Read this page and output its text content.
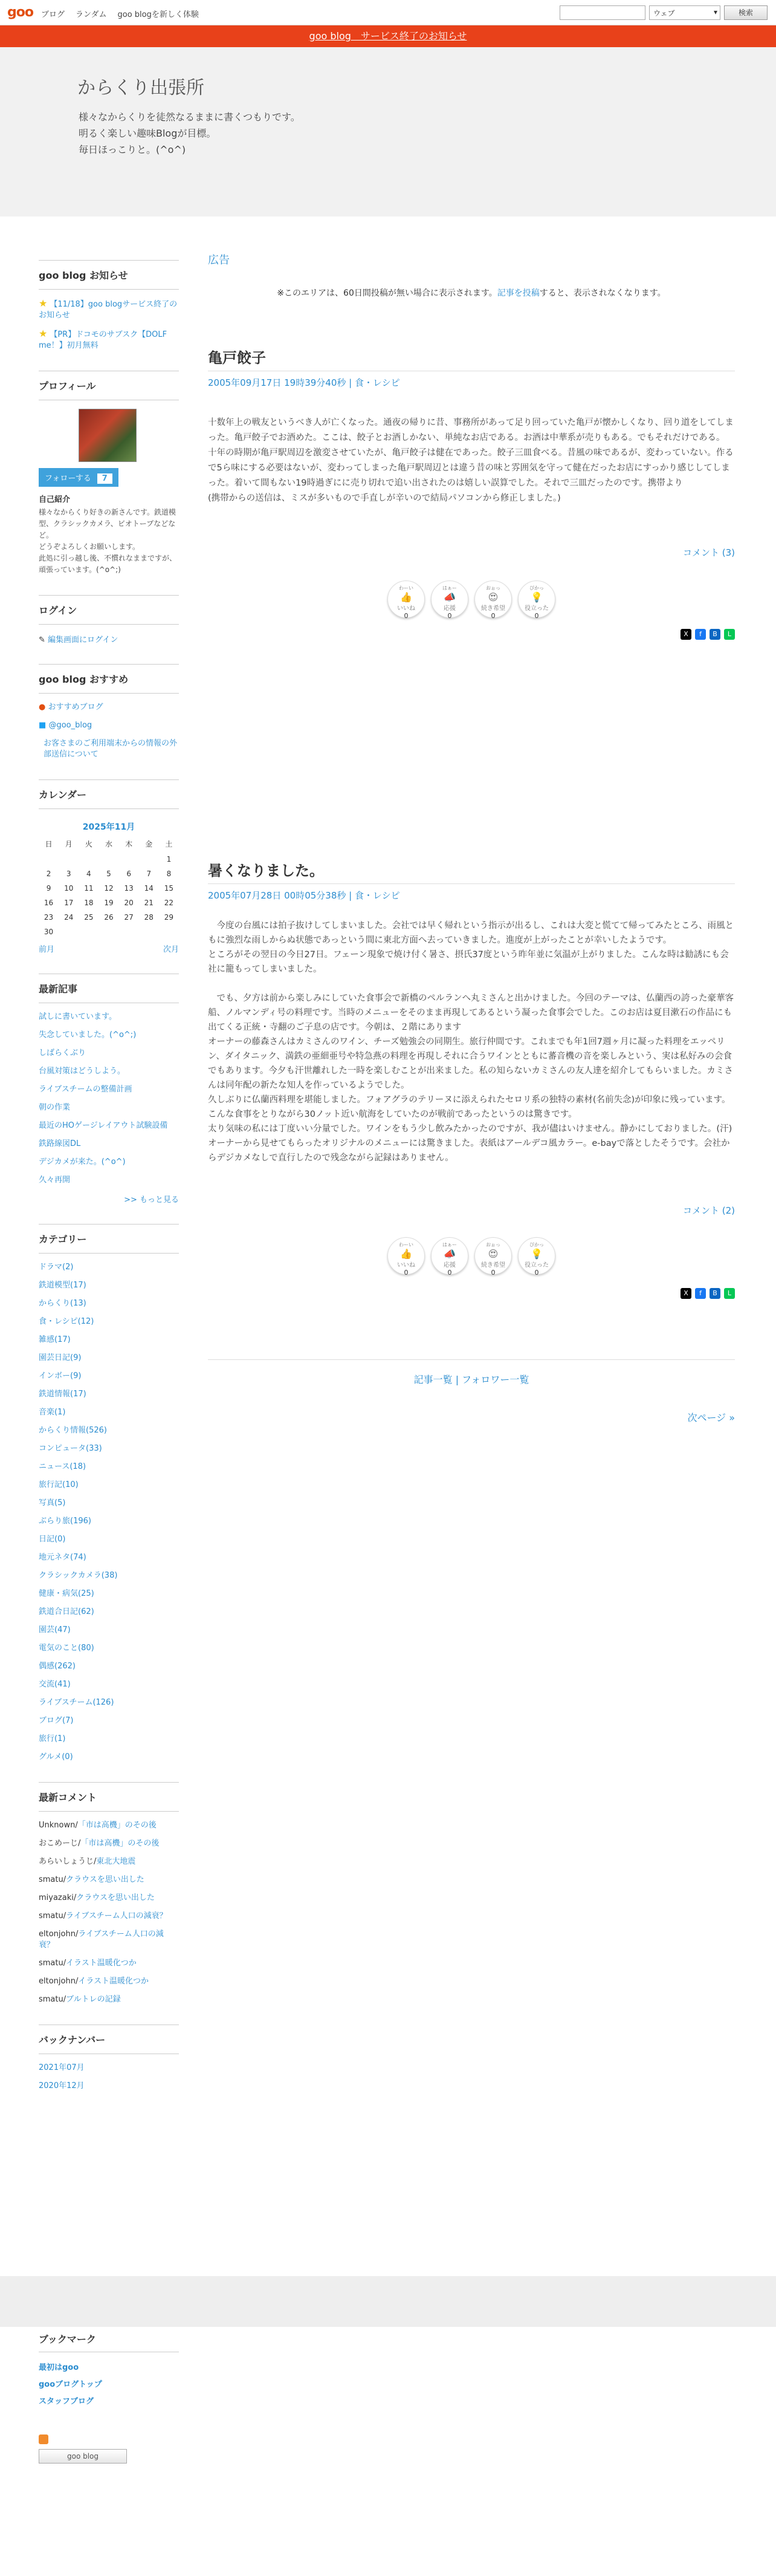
goo ブログ ランダム goo blogを新しく体験	ウェブ ▾	検索
goo blog　サービス終了のお知らせ
からくり出張所
様々なからくりを徒然なるままに書くつもりです。
明るく楽しい趣味Blogが目標。
毎日ほっこりと。(^o^)
goo blog お知らせ
★ 【11/18】goo blogサービス終了のお知らせ
★ 【PR】ドコモのサブスク【DOLF me！】初月無料
プロフィール
フォローする 7
自己紹介
様々なからくり好きの新さんです。鉄道模型、クラシックカメラ、ビオトープなどなど。
どうぞよろしくお願いします。
此処に引っ越し後、不慣れなままですが、頑張っています。(^o^;)
ログイン
✎ 編集画面にログイン
goo blog おすすめ
● おすすめブログ
■ @goo_blog
お客さまのご利用端末からの情報の外部送信について
カレンダー
2025年11月						
日	月	火	水	木	金	土
						1
2	3	4	5	6	7	8
9	10	11	12	13	14	15
16	17	18	19	20	21	22
23	24	25	26	27	28	29
30						
前月	次月
最新記事
試しに書いています。
失念していました。(^o^;)
しばらくぶり
台風対策はどうしよう。
ライブスチームの整備計画
朝の作業
最近のHOゲージレイアウト試験設備
鉄路線図DL
デジカメが来た。(^o^)
久々再開
>> もっと見る
カテゴリー
ドラマ(2)
鉄道模型(17)
からくり(13)
食・レシピ(12)
雑感(17)
園芸日記(9)
インボー(9)
鉄道情報(17)
音楽(1)
からくり情報(526)
コンピュータ(33)
ニュース(18)
旅行記(10)
写真(5)
ぶらり旅(196)
日記(0)
地元ネタ(74)
クラシックカメラ(38)
健康・病気(25)
鉄道合日記(62)
園芸(47)
電気のこと(80)
偶感(262)
交流(41)
ライブスチーム(126)
ブログ(7)
旅行(1)
グルメ(0)
最新コメント
Unknown/「市は高機」のその後
おこめーじ/「市は高機」のその後
あらいしょうじ/東北大地震
smatu/クラウスを思い出した
miyazaki/クラウスを思い出した
smatu/ライブスチーム人口の減衰？
eltonjohn/ライブスチーム人口の減衰？
smatu/イラスト温暖化つか
eltonjohn/イラスト温暖化つか
smatu/ブルトレの記録
バックナンバー
2021年07月
2020年12月
広告
※このエリアは、60日間投稿が無い場合に表示されます。記事を投稿すると、表示されなくなります。
亀戸餃子
2005年09月17日 19時39分40秒 | 食・レシピ
十数年上の戦友というべき人が亡くなった。通夜の帰りに昔、事務所があって足り回っていた亀戸が懐かしくなり、回り道をしてしまった。亀戸餃子でお酒めた。ここは、餃子とお酒しかない、単純なお店である。お酒は中華系が売りもある。でもそれだけである。
十年の時期が亀戸駅周辺を激変させていたが、亀戸餃子は健在であった。餃子三皿食べる。昔風の味であるが、変わっていない。作るで5ら味にする必要はないが、変わってしまった亀戸駅周辺とは違う昔の味と雰囲気を守って健在だったお店にすっかり感じしてしまった。着いて間もない19時過ぎにに売り切れで追い出されたのは嬉しい誤算でした。それで三皿だったのです。携帯より
(携帯からの送信は、ミスが多いもので手直しが辛いので結局パソコンから修正しました。)
コメント (3)
わーい
👍
いいね
0
はぁー
📣
応援
0
おぉっ
😍
続き希望
0
ぴかっ
💡
役立った
0
X	f	B	L
暑くなりました。
2005年07月28日 00時05分38秒 | 食・レシピ
　今度の台風には拍子抜けしてしまいました。会社では早く帰れという指示が出るし、これは大変と慌てて帰ってみたところ、雨風ともに強烈な雨しからぬ状態であっという間に東北方面へ去っていきました。進度が上がったことが幸いしたようです。
ところがその翌日の今日27日。フェーン現象で焼け付く暑さ、摂氏37度という昨年並に気温が上がりました。こんな時は勧誘にも会社に籠もってしまいました。

　でも、夕方は前から楽しみにしていた食事会で新橋のペルランへ丸ミさんと出かけました。今回のテーマは、仏蘭西の誇った豪華客船、ノルマンディ号の料理です。当時のメニューをそのまま再現してあるという凝った食事会でした。このお店は夏目漱石の作品にも出てくる正統・寺翻のご子息の店です。今朝は、２階にあります
オーナーの藤森さんはカミさんのワイン、チーズ勉強会の同期生。旅行仲間です。これまでも年1回7週ヶ月に凝った料理をエッペリン、ダイタニック、満鉄の亜細亜号や特急燕の料理を再現しそれに合うワインとともに蕃音機の音を楽しみという、実は私好みの会食でもあります。今夕も汗世離れした一時を楽しむことが出来ました。私の知らないカミさんの友人達を紹介してもらいました。カミさんは同年配の新たな知人を作っているようでした。
久しぶりに仏蘭西料理を堪能しました。フォアグラのテリーヌに添えられたセロリ系の独特の素材(名前失念)が印象に残っています。こんな食事をとりながら30ノット近い航海をしていたのが戦前であったというのは驚きです。
太り気味の私には丁度いい分量でした。ワインをもう少し飲みたかったのですが、我が儘はいけません。静かにしておりました。(汗)
オーナーから見せてもらったオリジナルのメニューには驚きました。表紙はアールデコ風カラー。e-bayで落としたそうです。会社からデジカメなしで直行したので残念ながら記録はありません。
コメント (2)
わーい
👍
いいね
0
はぁー
📣
応援
0
おぉっ
😍
続き希望
0
ぴかっ
💡
役立った
0
X	f	B	L
記事一覧 | フォロワー一覧
次ページ »
ブックマーク
最初はgoo
gooブログトップ
スタッフブログ
goo blog
